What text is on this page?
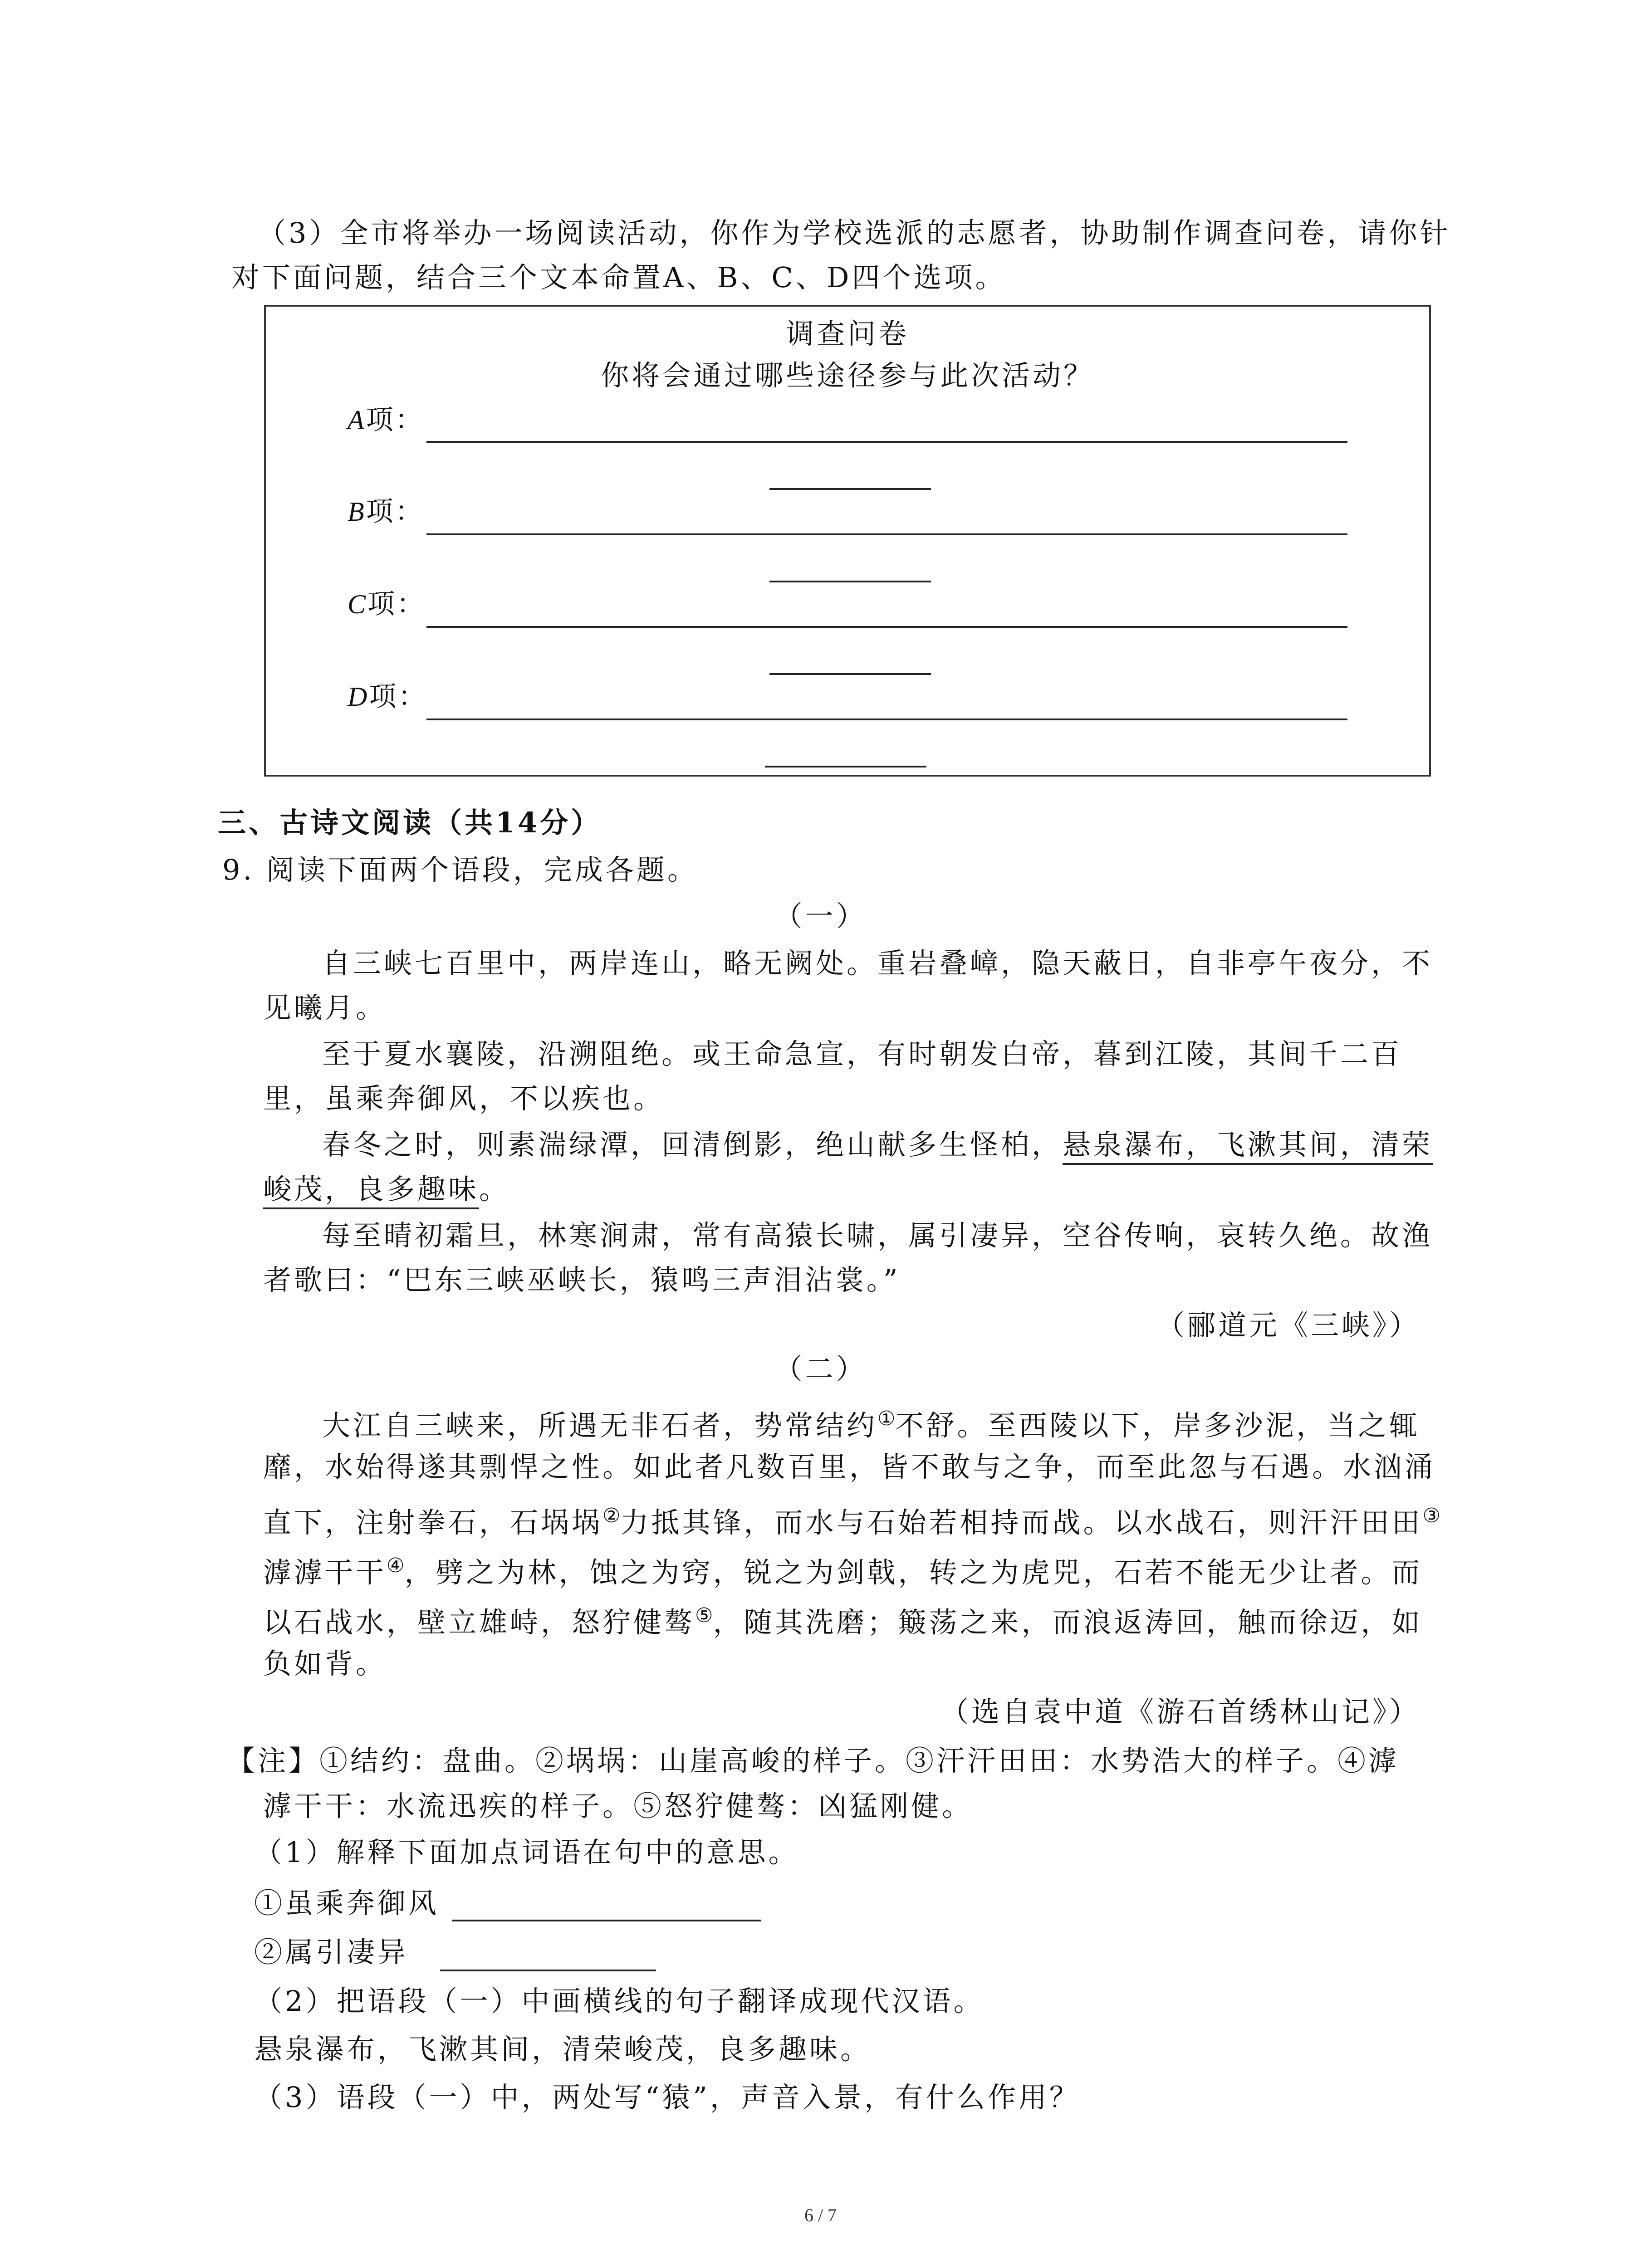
（3）全市将举办一场阅读活动，你作为学校选派的志愿者，协助制作调查问卷，请你针
对下面问题，结合三个文本命置A、B、C、D四个选项。
调查问卷
你将会通过哪些途径参与此次活动？
A项：
B项：
C项：
D项：
三、古诗文阅读（共14分）
9. 阅读下面两个语段，完成各题。
（一）
自三峡七百里中，两岸连山，略无阙处。重岩叠嶂，隐天蔽日，自非亭午夜分，不
见曦月。
至于夏水襄陵，沿溯阻绝。或王命急宣，有时朝发白帝，暮到江陵，其间千二百
里，虽乘奔御风，不以疾也。
春冬之时，则素湍绿潭，回清倒影，绝山献多生怪柏，悬泉瀑布，飞漱其间，清荣
峻茂，良多趣味。
每至晴初霜旦，林寒涧肃，常有高猿长啸，属引凄异，空谷传响，哀转久绝。故渔
者歌曰：“巴东三峡巫峡长，猿鸣三声泪沾裳。”
（郦道元《三峡》）
（二）
大江自三峡来，所遇无非石者，势常结约①不舒。至西陵以下，岸多沙泥，当之辄
靡，水始得遂其剽悍之性。如此者凡数百里，皆不敢与之争，而至此忽与石遇。水汹涌
直下，注射拳石，石埚埚②力抵其锋，而水与石始若相持而战。以水战石，则汗汗田田③
滹滹干干④，劈之为林，蚀之为窍，锐之为剑戟，转之为虎兕，石若不能无少让者。而
以石战水，壁立雄峙，怒狞健骜⑤，随其洗磨；簸荡之来，而浪返涛回，触而徐迈，如
负如背。
（选自袁中道《游石首绣林山记》）
【注】①结约：盘曲。②埚埚：山崖高峻的样子。③汗汗田田：水势浩大的样子。④滹
滹干干：水流迅疾的样子。⑤怒狞健骜：凶猛刚健。
（1）解释下面加点词语在句中的意思。
①虽乘奔御风
②属引凄异
（2）把语段（一）中画横线的句子翻译成现代汉语。
悬泉瀑布，飞漱其间，清荣峻茂，良多趣味。
（3）语段（一）中，两处写“猿”，声音入景，有什么作用？
6 / 7
